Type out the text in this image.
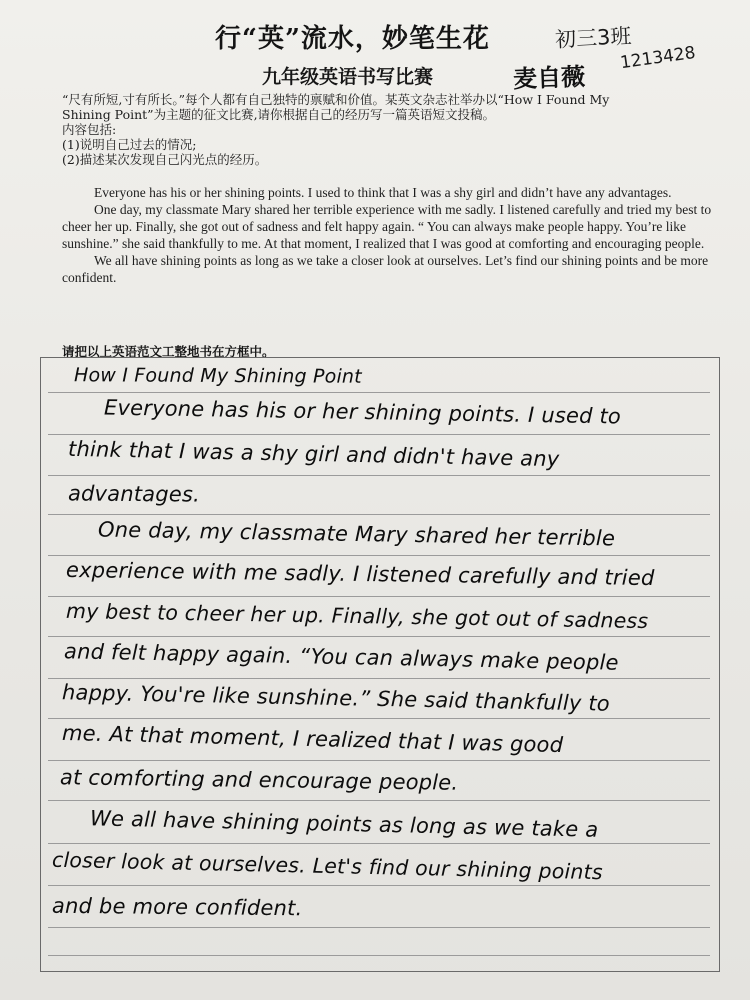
行“英”流水，妙笔生花	初三3班
1213428
九年级英语书写比赛	麦自薇

“尺有所短,寸有所长。”每个人都有自己独特的禀赋和价值。某英文杂志社举办以“How I Found My

Shining Point”为主题的征文比赛,请你根据自己的经历写一篇英语短文投稿。

内容包括:

(1)说明自己过去的情况;

(2)描述某次发现自己闪光点的经历。

Everyone has his or her shining points. I used to think that I was a shy girl and didn’t have any advantages.

One day, my classmate Mary shared her terrible experience with me sadly. I listened carefully and tried my best to cheer her up. Finally, she got out of sadness and felt happy again. “ You can always make people happy. You’re like sunshine.” she said thankfully to me. At that moment, I realized that I was good at comforting and encouraging people.

We all have shining points as long as we take a closer look at ourselves. Let’s find our shining points and be more confident.

请把以上英语范文工整地书在方框中。
How I Found My Shining Point
Everyone has his or her shining points. I used to
think that I was a shy girl and didn't have any
advantages.
One day, my classmate Mary shared her terrible
experience with me sadly. I listened carefully and tried
my best to cheer her up. Finally, she got out of sadness
and felt happy again. “You can always make people
happy. You're like sunshine.” She said thankfully to
me. At that moment, I realized that I was good
at comforting and encourage people.
We all have shining points as long as we take a
closer look at ourselves. Let's find our shining points
and be more confident.
